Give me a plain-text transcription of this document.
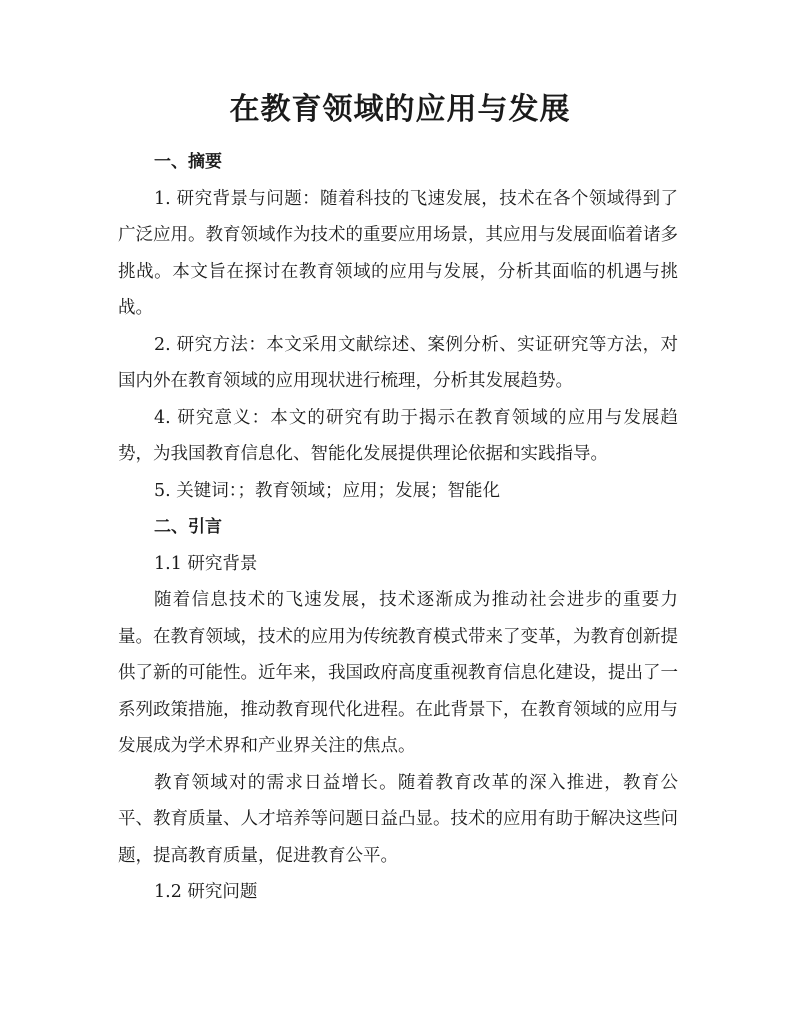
在教育领域的应用与发展

一、摘要

1. 研究背景与问题：随着科技的飞速发展，技术在各个领域得到了广泛应用。教育领域作为技术的重要应用场景，其应用与发展面临着诸多挑战。本文旨在探讨在教育领域的应用与发展，分析其面临的机遇与挑战。

2. 研究方法：本文采用文献综述、案例分析、实证研究等方法，对国内外在教育领域的应用现状进行梳理，分析其发展趋势。

4. 研究意义：本文的研究有助于揭示在教育领域的应用与发展趋势，为我国教育信息化、智能化发展提供理论依据和实践指导。

5. 关键词：；教育领域；应用；发展；智能化

二、引言

1.1 研究背景

随着信息技术的飞速发展，技术逐渐成为推动社会进步的重要力量。在教育领域，技术的应用为传统教育模式带来了变革，为教育创新提供了新的可能性。近年来，我国政府高度重视教育信息化建设，提出了一系列政策措施，推动教育现代化进程。在此背景下，在教育领域的应用与发展成为学术界和产业界关注的焦点。

教育领域对的需求日益增长。随着教育改革的深入推进，教育公平、教育质量、人才培养等问题日益凸显。技术的应用有助于解决这些问题，提高教育质量，促进教育公平。

1.2 研究问题
